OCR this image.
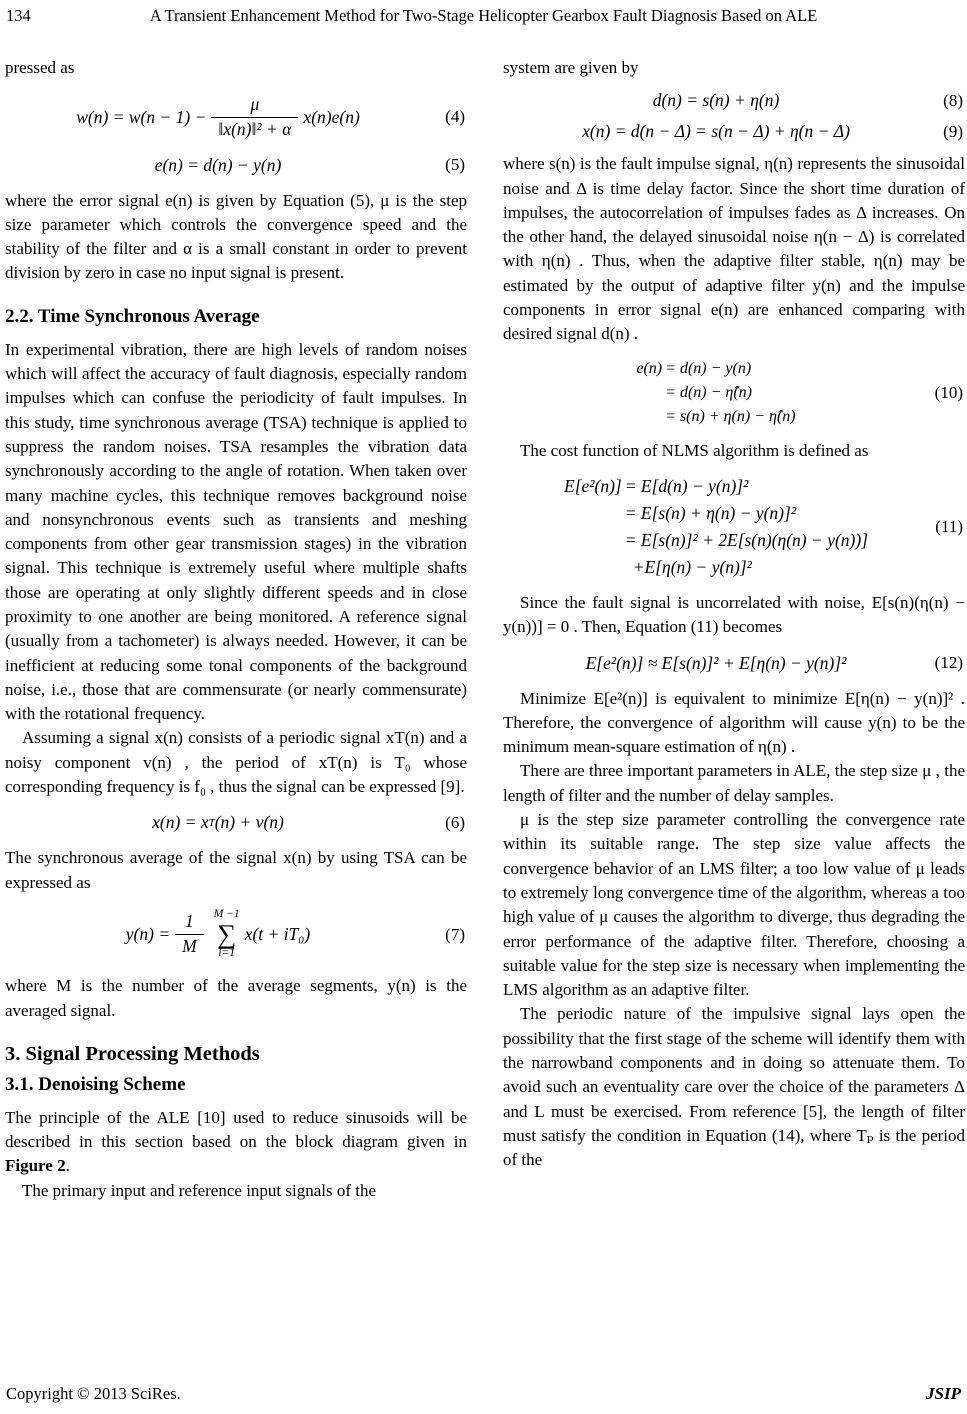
134	A Transient Enhancement Method for Two-Stage Helicopter Gearbox Fault Diagnosis Based on ALE

pressed as

$w(n) = w(n - 1) - \frac{\mu}{\text{‖x(n)‖² + α}} x(n)e(n)$	(4)
e(n) = d(n) − y(n)	(5)

where the error signal e(n) is given by Equation (5), μ is the step size parameter which controls the convergence speed and the stability of the filter and α is a small constant in order to prevent division by zero in case no input signal is present.

2.2. Time Synchronous Average

In experimental vibration, there are high levels of random noises which will affect the accuracy of fault diagnosis, especially random impulses which can confuse the periodicity of fault impulses. In this study, time synchronous average (TSA) technique is applied to suppress the random noises. TSA resamples the vibration data synchronously according to the angle of rotation. When taken over many machine cycles, this technique removes background noise and nonsynchronous events such as transients and meshing components from other gear transmission stages) in the vibration signal. This technique is extremely useful where multiple shafts those are operating at only slightly different speeds and in close proximity to one another are being monitored. A reference signal (usually from a tachometer) is always needed. However, it can be inefficient at reducing some tonal components of the background noise, i.e., those that are commensurate (or nearly commensurate) with the rotational frequency.

Assuming a signal x(n) consists of a periodic signal xT(n) and a noisy component v(n) , the period of xT(n) is T₀ whose corresponding frequency is f₀ , thus the signal can be expressed [9].

x(n) = x T (n) + v(n)	(6)

The synchronous average of the signal x(n) by using TSA can be expressed as

$y(n) = \frac{1}{M}$ M −1
∑
i=1
x(t + iT₀)	(7)

where M is the number of the average segments, y(n) is the averaged signal.

3. Signal Processing Methods
3.1. Denoising Scheme

The principle of the ALE [10] used to reduce sinusoids will be described in this section based on the block diagram given in Figure 2.

The primary input and reference input signals of the

system are given by

d(n) = s(n) + η(n)	(8)
x(n) = d(n − Δ) = s(n − Δ) + η(n − Δ)	(9)

where s(n) is the fault impulse signal, η(n) represents the sinusoidal noise and Δ is time delay factor. Since the short time duration of impulses, the autocorrelation of impulses fades as Δ increases. On the other hand, the delayed sinusoidal noise η(n − Δ) is correlated with η(n) . Thus, when the adaptive filter stable, η(n) may be estimated by the output of adaptive filter y(n) and the impulse components in error signal e(n) are enhanced comparing with desired signal d(n) .

e(n) = d(n) − y(n)
= d(n) − η̂(n)
= s(n) + η(n) − η̂(n)
(10)

The cost function of NLMS algorithm is defined as

E[e²(n)] = E[d(n) − y(n)]²
= E[s(n) + η(n) − y(n)]²
= E[s(n)]² + 2E[s(n)(η(n) − y(n))]
+E[η(n) − y(n)]²
(11)

Since the fault signal is uncorrelated with noise, E[s(n)(η(n) − y(n))] = 0 . Then, Equation (11) becomes

E[e²(n)] ≈ E[s(n)]² + E[η(n) − y(n)]²	(12)

Minimize E[e²(n)] is equivalent to minimize E[η(n) − y(n)]² . Therefore, the convergence of algorithm will cause y(n) to be the minimum mean-square estimation of η(n) .

There are three important parameters in ALE, the step size μ , the length of filter and the number of delay samples.

μ is the step size parameter controlling the convergence rate within its suitable range. The step size value affects the convergence behavior of an LMS filter; a too low value of μ leads to extremely long convergence time of the algorithm, whereas a too high value of μ causes the algorithm to diverge, thus degrading the error performance of the adaptive filter. Therefore, choosing a suitable value for the step size is necessary when implementing the LMS algorithm as an adaptive filter.

The periodic nature of the impulsive signal lays open the possibility that the first stage of the scheme will identify them with the narrowband components and in doing so attenuate them. To avoid such an eventuality care over the choice of the parameters Δ and L must be exercised. From reference [5], the length of filter must satisfy the condition in Equation (14), where Tₚ is the period of the

Copyright © 2013 SciRes.	JSIP
